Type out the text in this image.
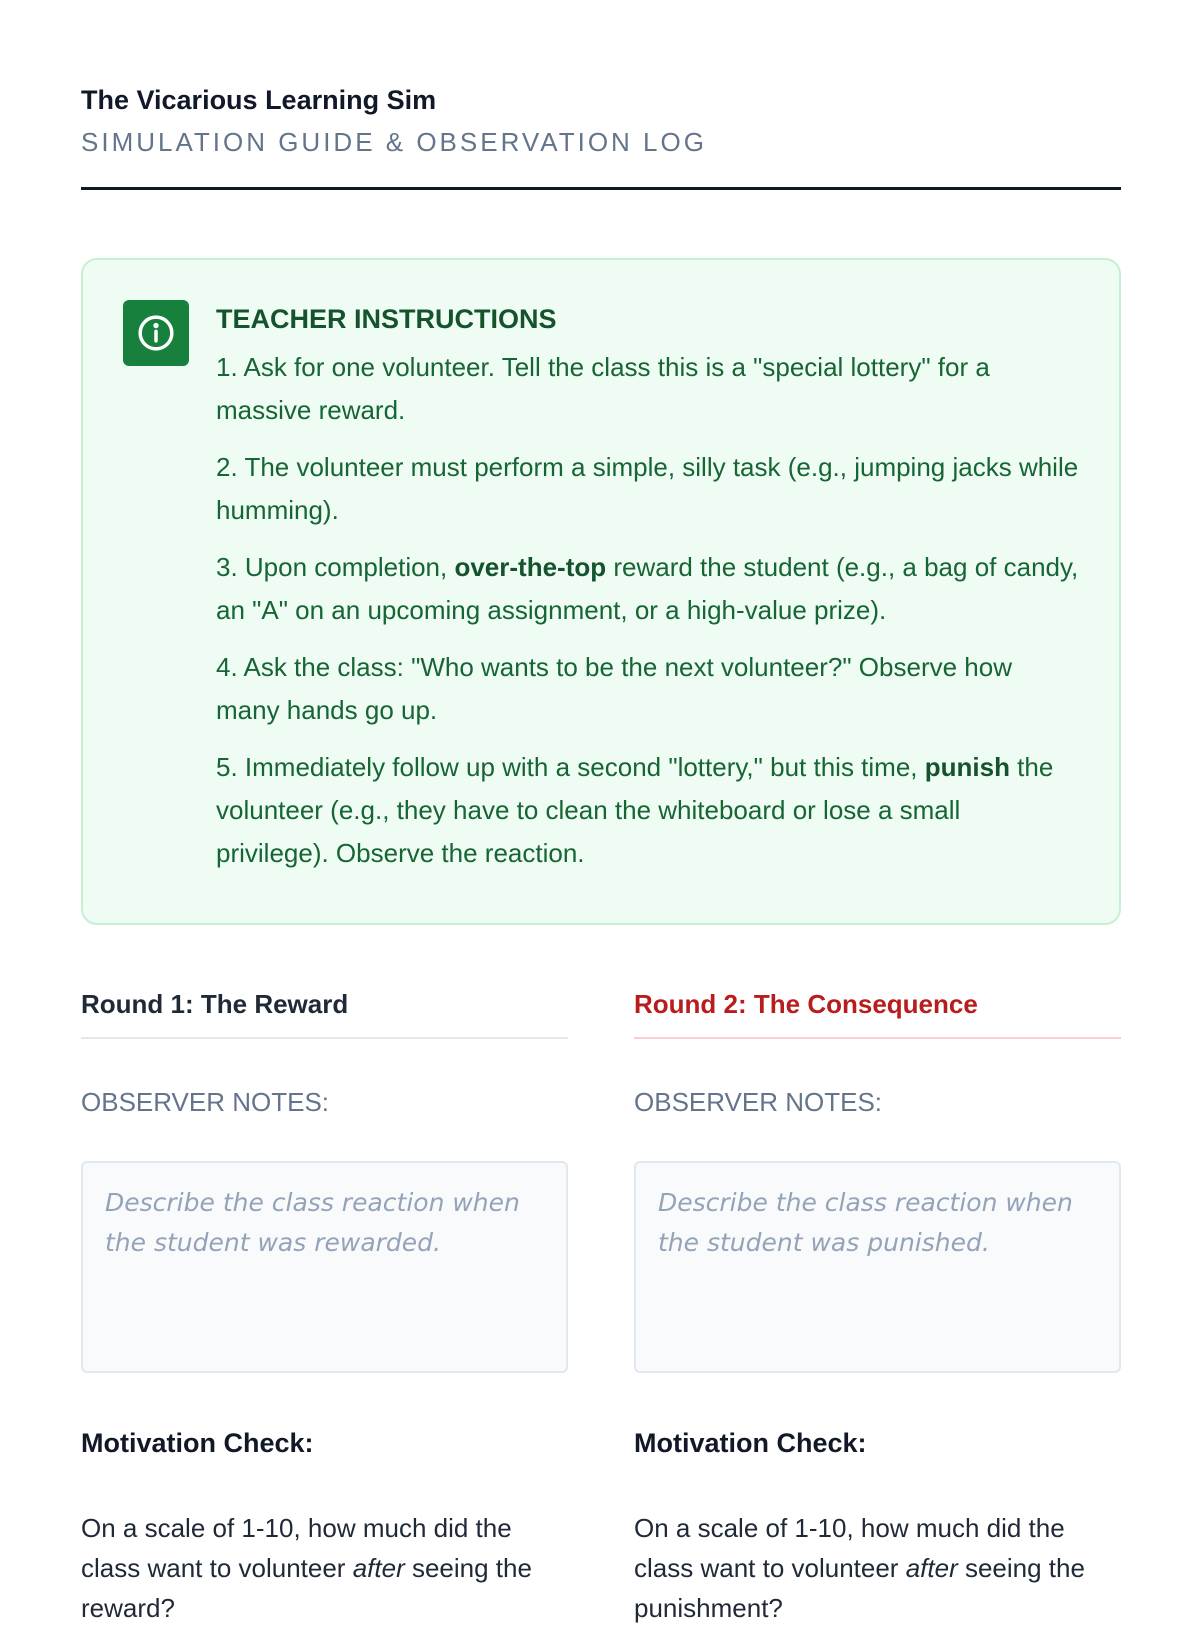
The Vicarious Learning Sim
SIMULATION GUIDE & OBSERVATION LOG
TEACHER INSTRUCTIONS

1. Ask for one volunteer. Tell the class this is a "special lottery" for a massive reward.

2. The volunteer must perform a simple, silly task (e.g., jumping jacks while humming).

3. Upon completion, over-the-top reward the student (e.g., a bag of candy, an "A" on an upcoming assignment, or a high-value prize).

4. Ask the class: "Who wants to be the next volunteer?" Observe how many hands go up.

5. Immediately follow up with a second "lottery," but this time, punish the volunteer (e.g., they have to clean the whiteboard or lose a small privilege). Observe the reaction.

Round 1: The Reward
OBSERVER NOTES:
Describe the class reaction when the student was rewarded.
Motivation Check:
On a scale of 1-10, how much did the class want to volunteer after seeing the reward?
Round 2: The Consequence
OBSERVER NOTES:
Describe the class reaction when the student was punished.
Motivation Check:
On a scale of 1-10, how much did the class want to volunteer after seeing the punishment?
